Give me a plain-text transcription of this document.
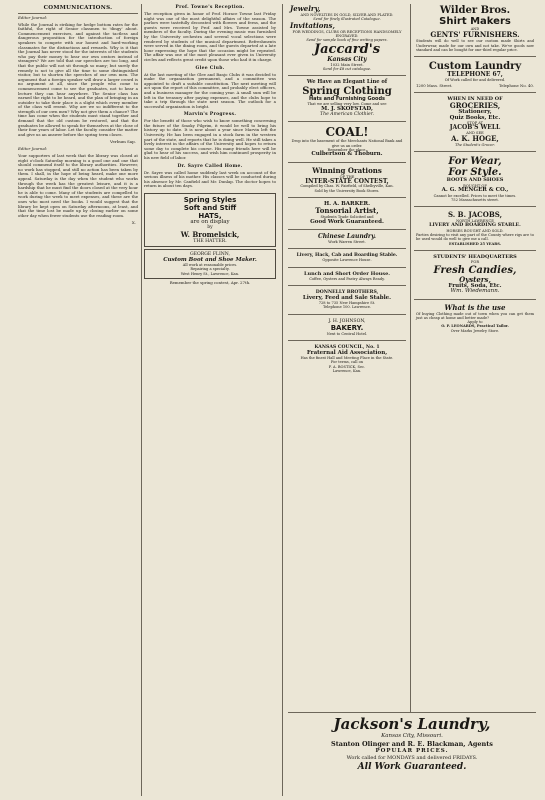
COMMUNICATIONS.

Editor Journal:

While the Journal is striking for hedge bottom rates for the faithful, the right of Senior classmen to 'dingy' about. Commencement exercises, and against the tactless and dangerous proposition for the introduction of foreign speakers to compete with our honest and hard-working classmates for the distinctions and rewards. Why is it that the Journal has never stood for the interests of the students who pay their money to hear our own orators instead of strangers? We are told that our speeches are too long, and that the public will not sit through so many; but surely the remedy is not to give all the time to some distinguished visitor, but to shorten the speeches of our own men. The argument that a foreign speaker will draw a larger crowd is no argument at all, since the people who come to commencement come to see the graduates, not to hear a lecture they can hear anywhere. The Senior class has earned the right to be heard, and the plan of bringing in an outsider to take their place is a slight which every member of the class will resent. Why are we so indifferent to the strength of our own men? Why not give them a chance? The time has come when the students must stand together and demand that the old custom be restored, and that the graduates be allowed to speak for themselves at the close of their four years of labor. Let the faculty consider the matter and give us an answer before the spring term closes.

Verbum Sap.

Editor Journal:

Your supporters of last week that the library was closed at eight o'clock Saturday morning is a good one and one that should commend itself to the library authorities. However, no work has stopped, and still no action has been taken by them. I shall, in the hope of being heard, make one more appeal. Saturday is the day when the student who works through the week has the greatest leisure, and it is a hardship that he must find the doors closed at the very hour he is able to come. Many of the students are compelled to work during the week to meet expenses, and these are the ones who most need the books. I would suggest that the library be kept open on Saturday afternoons, at least, and that the time lost be made up by closing earlier on some other day when fewer students use the reading room.

X.
Prof. Towne's Reception.

The reception given in honor of Prof. Horace Towne last Friday night was one of the most delightful affairs of the season. The parlors were tastefully decorated with flowers and ferns, and the guests were received by Prof. and Mrs. Towne assisted by members of the faculty. During the evening music was furnished by the University orchestra and several vocal selections were rendered by students of the musical department. Refreshments were served in the dining room, and the guests departed at a late hour expressing the hope that the occasion might be repeated. The affair was one of the most pleasant ever given in University circles and reflects great credit upon those who had it in charge.

Glee Club.

At the last meeting of the Glee and Banjo Clubs it was decided to make the organization permanent, and a committee was appointed to draft a suitable constitution. The next meeting will act upon the report of this committee, and probably elect officers, and a business manager for the coming year. A small sum will be left in the treasury after paying expenses, and the clubs hope to take a trip through the state next season. The outlook for a successful organization is bright.

Marvin's Progress.

For the benefit of those who wish to know something concerning the future of the Smoky Pilgrim, it would be well to bring his history up to date. It is now about a year since Marvin left the University. He has been engaged in a stock farm in the western part of the state, and reports that he is doing well. He still takes a lively interest in the affairs of the University and hopes to return some day to complete his course. His many friends here will be glad to hear of his success, and wish him continued prosperity in his new field of labor.

Dr. Sayre Called Home.

Dr. Sayre was called home suddenly last week on account of the serious illness of his mother. His classes will be conducted during his absence by Mr. Canfield and Mr. Dunlap. The doctor hopes to return in about ten days.

Spring Styles
Soft and Stiff
HATS,
are on display
by
W. Bromelsick,
THE HATTER.
GEORGE FLINN,
Custom Boot and Shoe Maker.
All work at reasonable prices.
Repairing a specialty.
West Henry St., Lawrence, Kan.

Remember the spring contest, Apr. 27th.

Jewelry,
AND NOVELTIES IN GOLD, SILVER AND PLATED.
Send for finely illustrated Catalogue.
Invitations,
FOR WEDDINGS, CLUBS OR RECEPTIONS HANDSOMELY ENGRAVED.
Send for sample book of fine writing papers.
Jaccard's
Kansas City
1032 Main Street.
Send for 48 cut catalogue.
We Have an Elegant Line of
Spring Clothing
Hats and Furnishing Goods
That we are selling very low. Come and see
M. J. SKOFSTAD,
The American Clothier.
COAL!
Drop into the basement of the Merchants National Bank and give us an order.
Remember the place.
Culbertson & Thoburn.
Winning Orations
OF THE
INTER-STATE CONTEST,
Compiled by Chas. W. Fairfield, of Shelbyville, Kan.
Sold by the University Book Stores.
H. A. BARKER.
Tonsorial Artist,
Students Trade Solicited and
Good Work Guaranteed.
Chinese Laundry.
Work Warren Street.
Livery, Hack, Cab and Boarding Stable.
Opposite Lawrence House.
Lunch and Short Order House.
Coffee, Oysters and Pastry Always Ready.
DONNELLY BROTHERS,
Livery, Feed and Sale Stable.
728 to 735 New Hampshire St.
Telephone 100. Lawrence.
J. H. JOHNSON,
BAKERY.
Next to Central Hotel.
KANSAS COUNCIL, No. 1
Fraternal Aid Association,
Has the finest Hall and Meeting Place in the State.
For terms, call on
F. A. BOSTICK, Sec.
Lawrence, Kan.
Wilder Bros.
Shirt Makers
AND
GENTS' FURNISHERS.
Students will do well to see our custom made Shirts and Underwear, made for our own and not take. We've goods now standard and can be bought for one-third regular price.
Custom Laundry
TELEPHONE 67,
Of Work called for and delivered.
1200 Mass. Street.	Telephone No. 40.
WHEN IN NEED OF
GROCERIES,
Stationery,
Quiz Books, Etc.
STOP AT
JACOB'S WELL
AND SEE
A. K. HOGE,
The Student's Grocer.
For Wear,
For Style.
BOOTS AND SHOES
BOUGHT OF
A. G. MENGER & CO.,
Cannot be excelled. Prices to meet the times.
752 Massachusetts street.
S. B. JACOBS,
NORTH LAWRENCE
LIVERY AND BOARDING STABLE.
HORSES BOUGHT AND SOLD.
Parties desiring to visit any part of the County where rigs are to be used would do well to give me a call.
ESTABLISHED 25 YEARS.
STUDENTS' HEADQUARTERS
FOR
Fresh Candies,
Oysters,
Fruits, Soda, Etc.
Wm. Wiedemann.
What is the use
Of buying Clothing made out of town when you can get them just as cheap at home and better made?
Apply to
O. P. LEONARDS, Practical Tailor.
Over Marks Jewelry Store.
Jackson's Laundry,
Kansas City, Missouri.
Stanton Olinger and R. E. Blackman, Agents
POPULAR PRICES.
Work called for MONDAYS and delivered FRIDAYS.
All Work Guaranteed.
